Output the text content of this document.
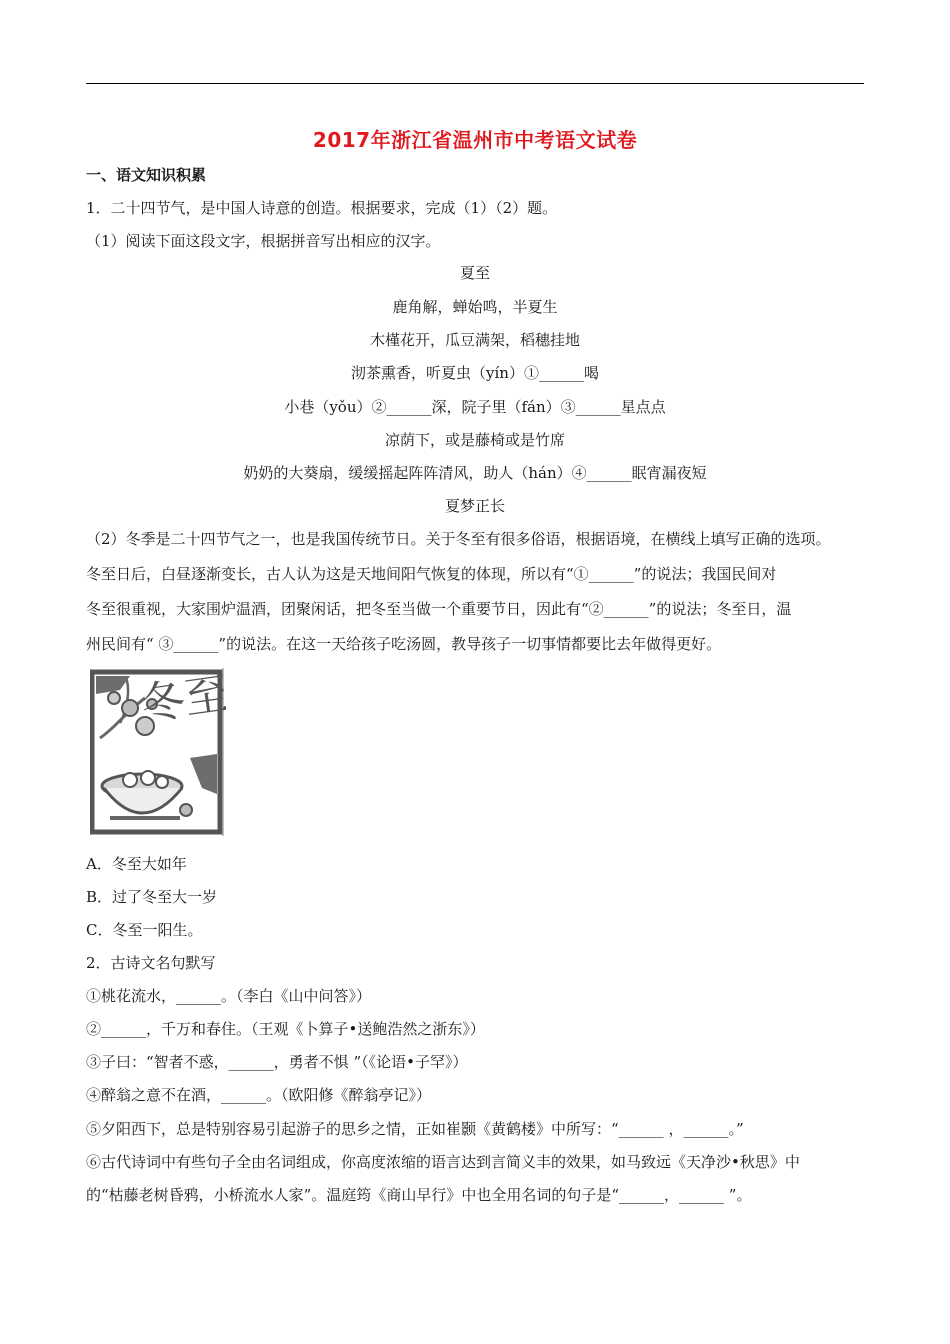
2017年浙江省温州市中考语文试卷
一、语文知识积累
1．二十四节气，是中国人诗意的创造。根据要求，完成（1）（2）题。
（1）阅读下面这段文字，根据拼音写出相应的汉字。
夏至
鹿角解，蝉始鸣，半夏生
木槿花开，瓜豆满架，稻穗挂地
沏茶熏香，听夏虫（yín）①______喝
小巷（yǒu）②______深，院子里（fán）③______星点点
凉荫下，或是藤椅或是竹席
奶奶的大葵扇，缓缓摇起阵阵清风，助人（hán）④______眠宵漏夜短
夏梦正长
（2）冬季是二十四节气之一，也是我国传统节日。关于冬至有很多俗语，根据语境，在横线上填写正确的选项。
冬至日后，白昼逐渐变长，古人认为这是天地间阳气恢复的体现，所以有“①______”的说法；我国民间对
冬至很重视，大家围炉温酒，团聚闲话，把冬至当做一个重要节日，因此有“②______”的说法；冬至日，温
州民间有“ ③______”的说法。在这一天给孩子吃汤圆，教导孩子一切事情都要比去年做得更好。
冬至
A．冬至大如年
B．过了冬至大一岁
C．冬至一阳生。
2．古诗文名句默写
①桃花流水，______。（李白《山中问答》）
②______，千万和春住。（王观《卜算子•送鲍浩然之浙东》）
③子曰：“智者不惑，______，勇者不惧 ”（《论语•子罕》）
④醉翁之意不在酒，______。（欧阳修《醉翁亭记》）
⑤夕阳西下，总是特别容易引起游子的思乡之情，正如崔颢《黄鹤楼》中所写：“______ ，______。”
⑥古代诗词中有些句子全由名词组成，你高度浓缩的语言达到言简义丰的效果，如马致远《天净沙•秋思》中
的“枯藤老树昏鸦，小桥流水人家”。温庭筠《商山早行》中也全用名词的句子是“______，______ ”。
